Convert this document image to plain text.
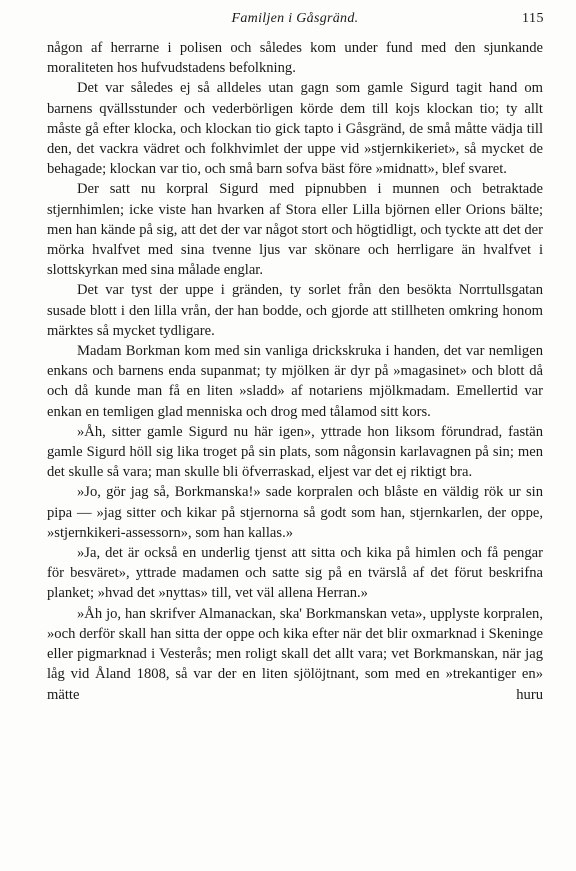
Familjen i Gåsgränd.	115

någon af herrarne i polisen och således kom under fund med den sjunkande moraliteten hos hufvudstadens befolkning.

Det var således ej så alldeles utan gagn som gamle Sigurd tagit hand om barnens qvällsstunder och vederbörligen körde dem till kojs klockan tio; ty allt måste gå efter klocka, och klockan tio gick tapto i Gåsgränd, de små måtte vädja till den, det vackra vädret och folkhvimlet der uppe vid »stjernkikeriet», så mycket de behagade; klockan var tio, och små barn sofva bäst före »midnatt», blef svaret.

Der satt nu korpral Sigurd med pipnubben i munnen och betraktade stjernhimlen; icke viste han hvarken af Stora eller Lilla björnen eller Orions bälte; men han kände på sig, att det der var något stort och högtidligt, och tyckte att det der mörka hvalfvet med sina tvenne ljus var skönare och herrligare än hvalfvet i slottskyrkan med sina målade englar.

Det var tyst der uppe i gränden, ty sorlet från den besökta Norrtullsgatan susade blott i den lilla vrån, der han bodde, och gjorde att stillheten omkring honom märktes så mycket tydligare.

Madam Borkman kom med sin vanliga drickskruka i handen, det var nemligen enkans och barnens enda supanmat; ty mjölken är dyr på »magasinet» och blott då och då kunde man få en liten »sladd» af notariens mjölkmadam. Emellertid var enkan en temligen glad menniska och drog med tålamod sitt kors.

»Åh, sitter gamle Sigurd nu här igen», yttrade hon liksom förundrad, fastän gamle Sigurd höll sig lika troget på sin plats, som någonsin karlavagnen på sin; men det skulle så vara; man skulle bli öfverraskad, eljest var det ej riktigt bra.

»Jo, gör jag så, Borkmanska!» sade korpralen och blåste en väldig rök ur sin pipa — »jag sitter och kikar på stjernorna så godt som han, stjernkarlen, der oppe, »stjernkikeri-assessorn», som han kallas.»

»Ja, det är också en underlig tjenst att sitta och kika på himlen och få pengar för besväret», yttrade madamen och satte sig på en tvärslå af det förut beskrifna planket; »hvad det »nyttas» till, vet väl allena Herran.»

»Åh jo, han skrifver Almanackan, ska' Borkmanskan veta», upplyste korpralen, »och derför skall han sitta der oppe och kika efter när det blir oxmarknad i Skeninge eller pigmarknad i Vesterås; men roligt skall det allt vara; vet Borkmanskan, när jag låg vid Åland 1808, så var der en liten sjölöjtnant, som med en »trekantiger en» mätte huru
